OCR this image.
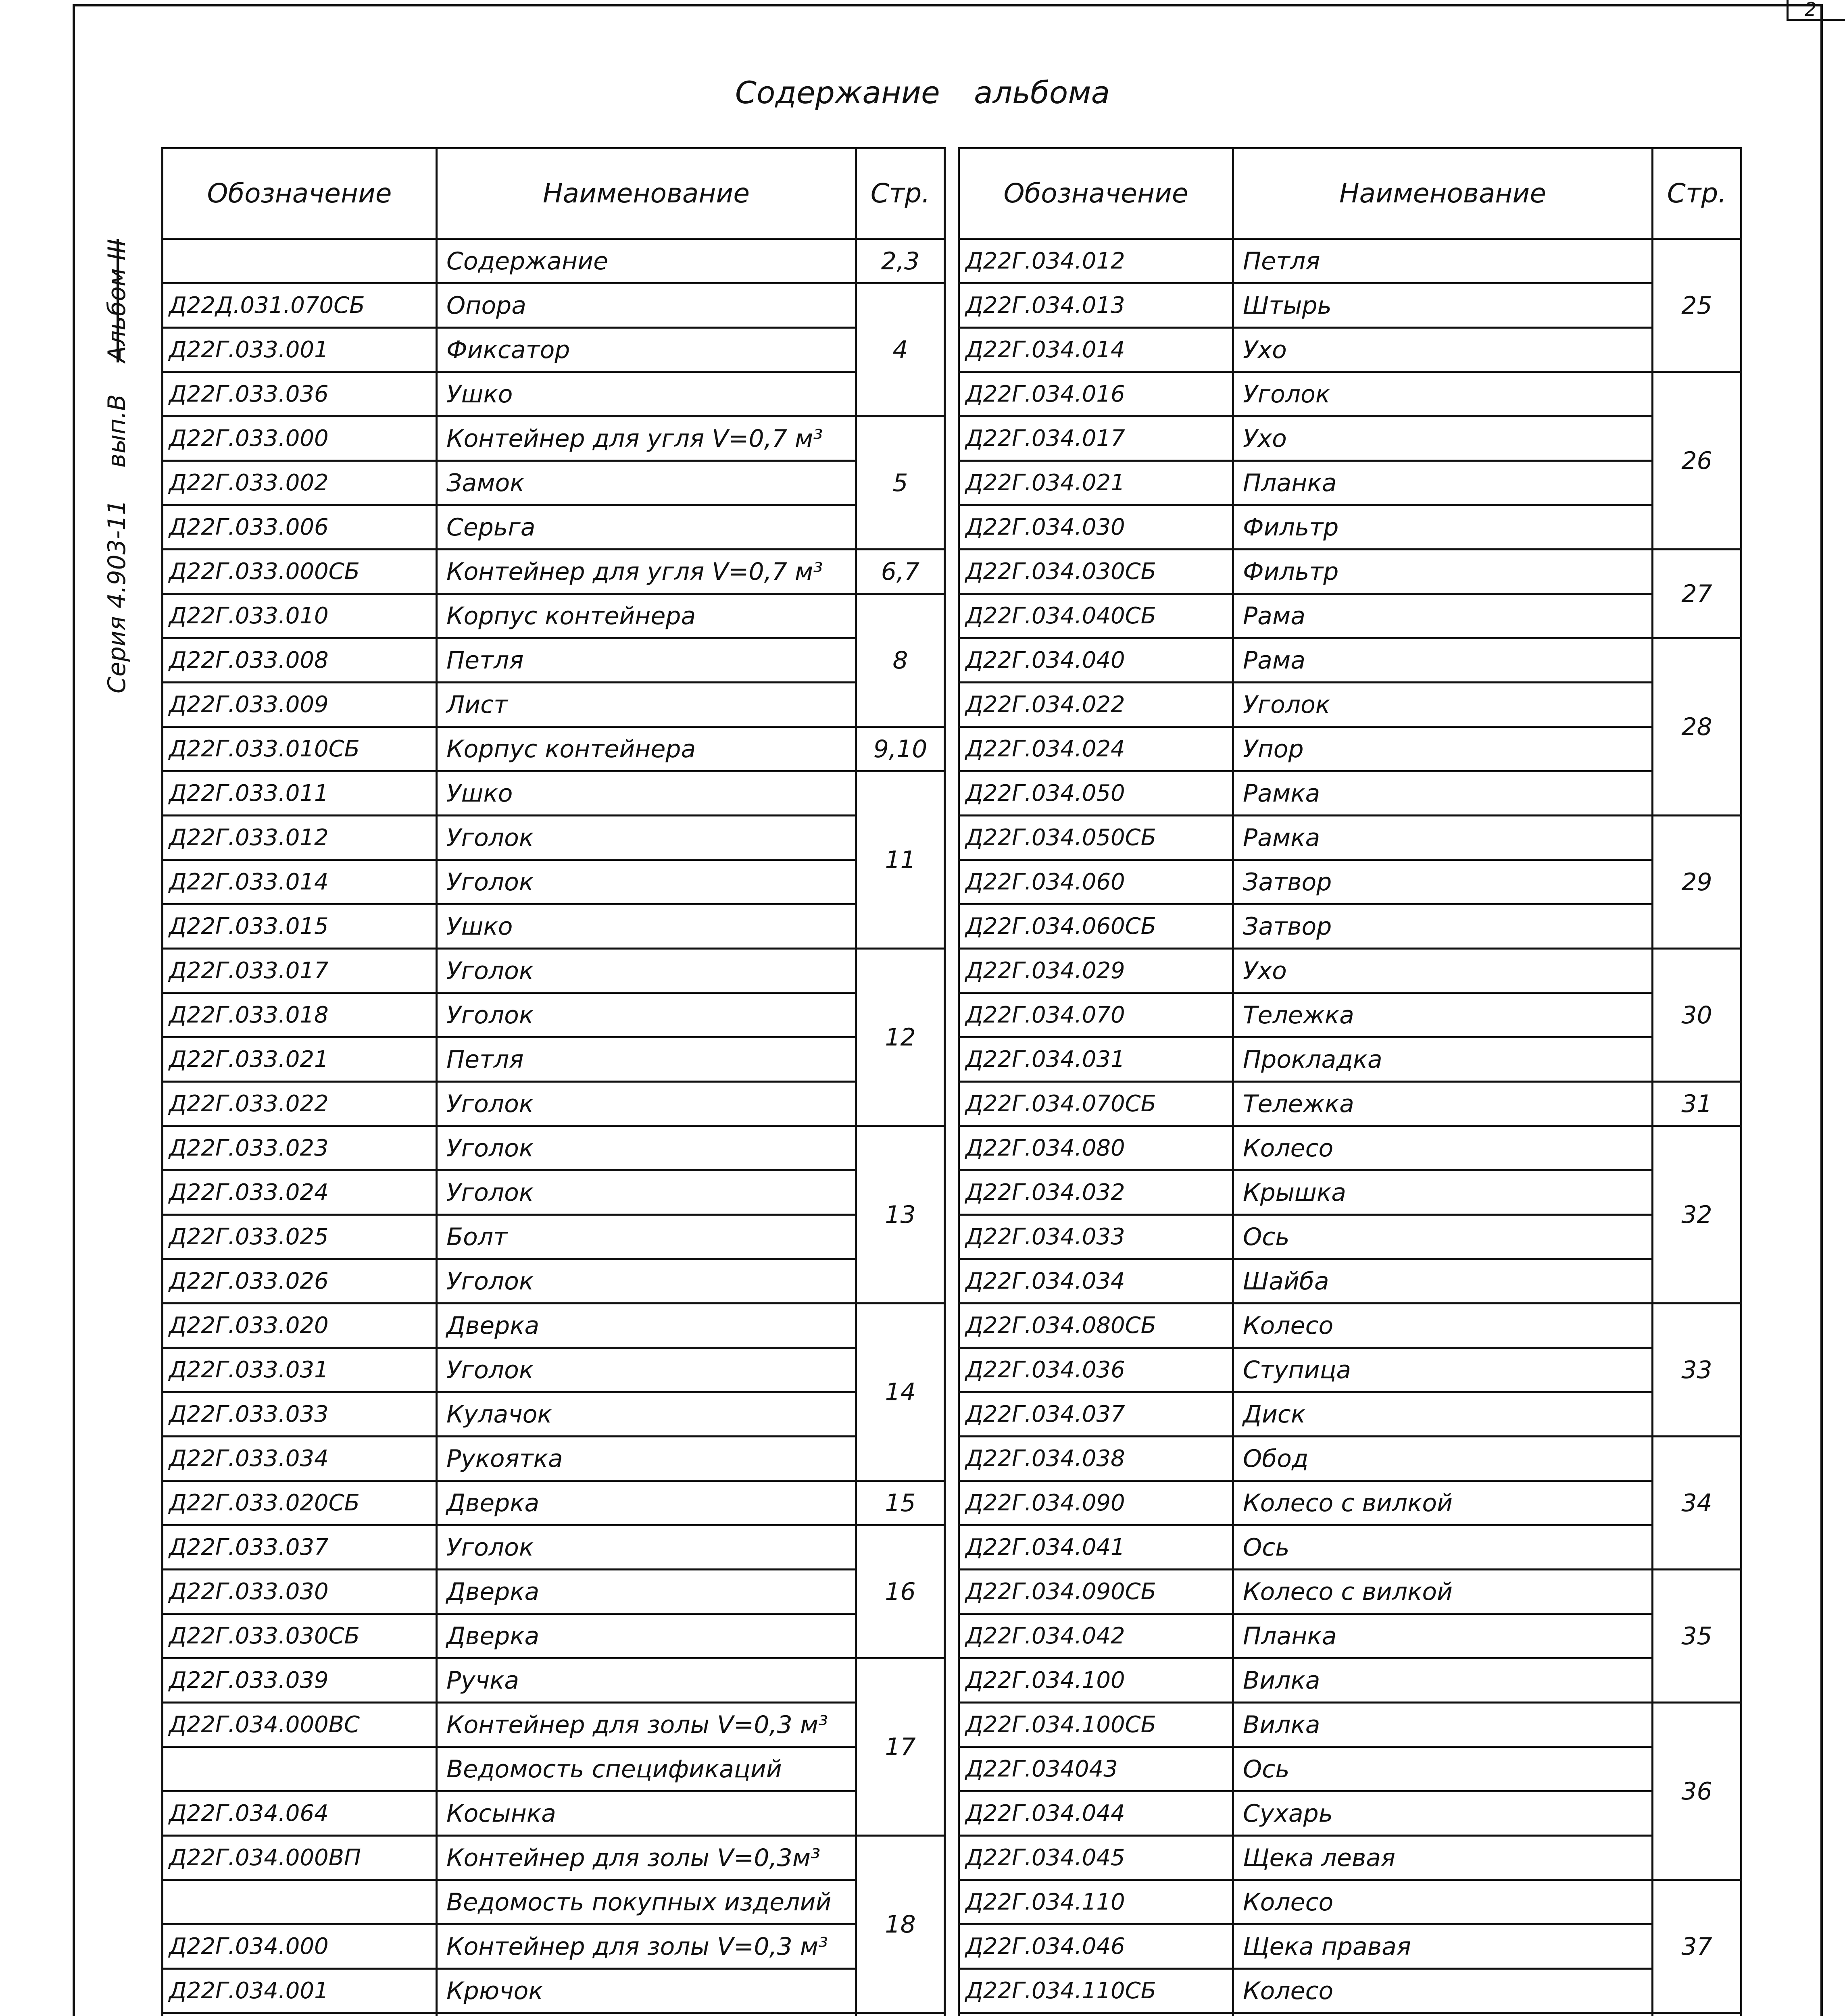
2
Серия 4.903-11 вып.В Альбом III
Содержание альбома
Обозначение	Наименование	Стр.
	Содержание	2,3
Д22Д.031.070СБ	Опора	4
Д22Г.033.001	Фиксатор	
Д22Г.033.036	Ушко	
Д22Г.033.000	Контейнер для угля V=0,7 м³	5
Д22Г.033.002	Замок	
Д22Г.033.006	Серьга	
Д22Г.033.000СБ	Контейнер для угля V=0,7 м³	6,7
Д22Г.033.010	Корпус контейнера	8
Д22Г.033.008	Петля	
Д22Г.033.009	Лист	
Д22Г.033.010СБ	Корпус контейнера	9,10
Д22Г.033.011	Ушко	11
Д22Г.033.012	Уголок	
Д22Г.033.014	Уголок	
Д22Г.033.015	Ушко	
Д22Г.033.017	Уголок	12
Д22Г.033.018	Уголок	
Д22Г.033.021	Петля	
Д22Г.033.022	Уголок	
Д22Г.033.023	Уголок	13
Д22Г.033.024	Уголок	
Д22Г.033.025	Болт	
Д22Г.033.026	Уголок	
Д22Г.033.020	Дверка	14
Д22Г.033.031	Уголок	
Д22Г.033.033	Кулачок	
Д22Г.033.034	Рукоятка	
Д22Г.033.020СБ	Дверка	15
Д22Г.033.037	Уголок	16
Д22Г.033.030	Дверка	
Д22Г.033.030СБ	Дверка	
Д22Г.033.039	Ручка	17
Д22Г.034.000ВС	Контейнер для золы V=0,3 м³	
	Ведомость спецификаций	
Д22Г.034.064	Косынка	
Д22Г.034.000ВП	Контейнер для золы V=0,3м³	18
	Ведомость покупных изделий	
Д22Г.034.000	Контейнер для золы V=0,3 м³	
Д22Г.034.001	Крючок	

Обозначение	Наименование	Стр.
Д22Г.034.012	Петля	25
Д22Г.034.013	Штырь	
Д22Г.034.014	Ухо	
Д22Г.034.016	Уголок	26
Д22Г.034.017	Ухо	
Д22Г.034.021	Планка	
Д22Г.034.030	Фильтр	
Д22Г.034.030СБ	Фильтр	27
Д22Г.034.040СБ	Рама	
Д22Г.034.040	Рама	28
Д22Г.034.022	Уголок	
Д22Г.034.024	Упор	
Д22Г.034.050	Рамка	
Д22Г.034.050СБ	Рамка	29
Д22Г.034.060	Затвор	
Д22Г.034.060СБ	Затвор	
Д22Г.034.029	Ухо	30
Д22Г.034.070	Тележка	
Д22Г.034.031	Прокладка	
Д22Г.034.070СБ	Тележка	31
Д22Г.034.080	Колесо	32
Д22Г.034.032	Крышка	
Д22Г.034.033	Ось	
Д22Г.034.034	Шайба	
Д22Г.034.080СБ	Колесо	33
Д22Г.034.036	Ступица	
Д22Г.034.037	Диск	
Д22Г.034.038	Обод	34
Д22Г.034.090	Колесо с вилкой	
Д22Г.034.041	Ось	
Д22Г.034.090СБ	Колесо с вилкой	35
Д22Г.034.042	Планка	
Д22Г.034.100	Вилка	
Д22Г.034.100СБ	Вилка	36
Д22Г.034043	Ось	
Д22Г.034.044	Сухарь	
Д22Г.034.045	Щека левая	
Д22Г.034.110	Колесо	37
Д22Г.034.046	Щека правая	
Д22Г.034.110СБ	Колесо	
